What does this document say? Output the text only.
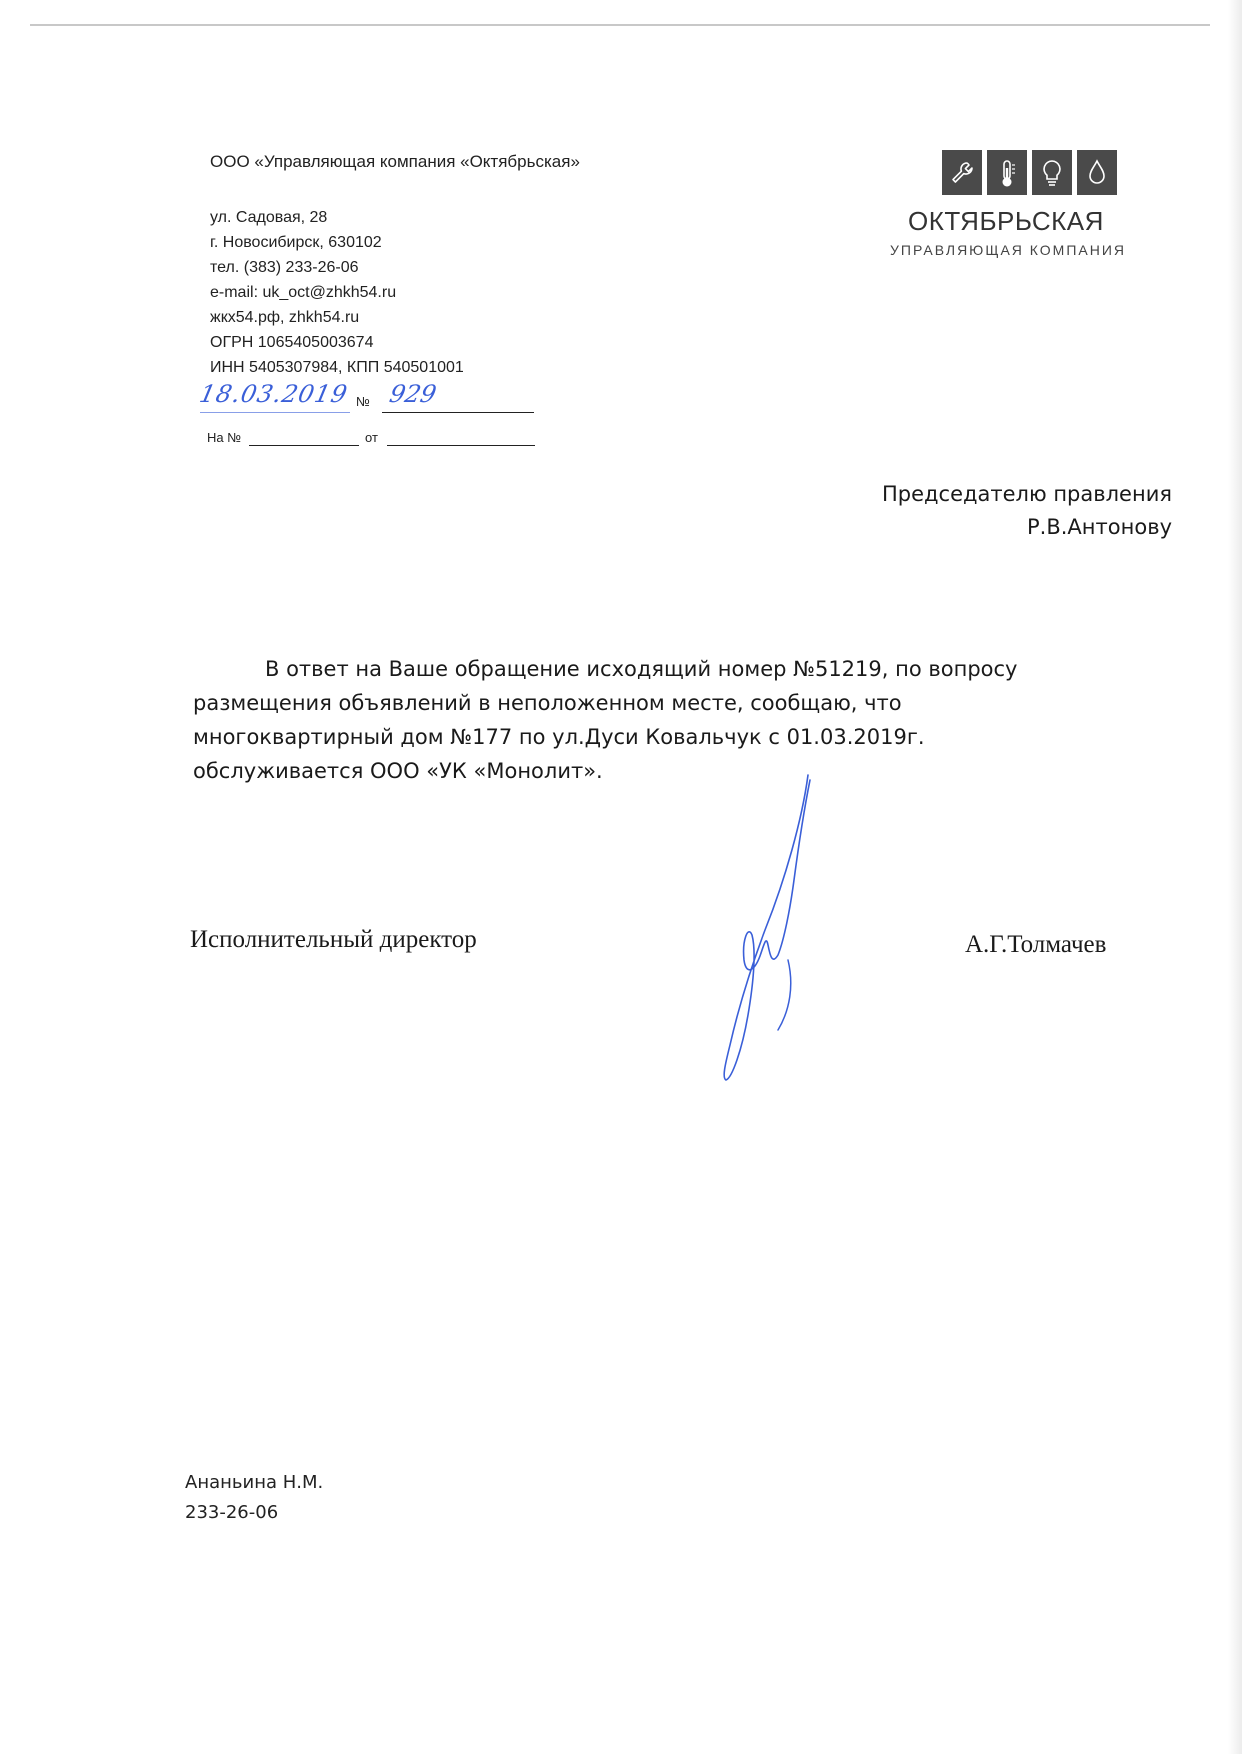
ООО «Управляющая компания «Октябрьская»
ул. Садовая, 28
г. Новосибирск, 630102
тел. (383) 233-26-06
e-mail: uk_oct@zhkh54.ru
жкх54.рф, zhkh54.ru
ОГРН 1065405003674
ИНН 5405307984, КПП 540501001
18.03.2019 № 929
На №	от
ОКТЯБРЬСКАЯ
УПРАВЛЯЮЩАЯ КОМПАНИЯ
Председателю правления
Р.В.Антонову
В ответ на Ваше обращение исходящий номер №51219, по вопросу
размещения объявлений в неположенном месте, сообщаю, что
многоквартирный дом №177 по ул.Дуси Ковальчук с 01.03.2019г.
обслуживается ООО «УК «Монолит».
Исполнительный директор	А.Г.Толмачев
Ананьина Н.М.
233-26-06
